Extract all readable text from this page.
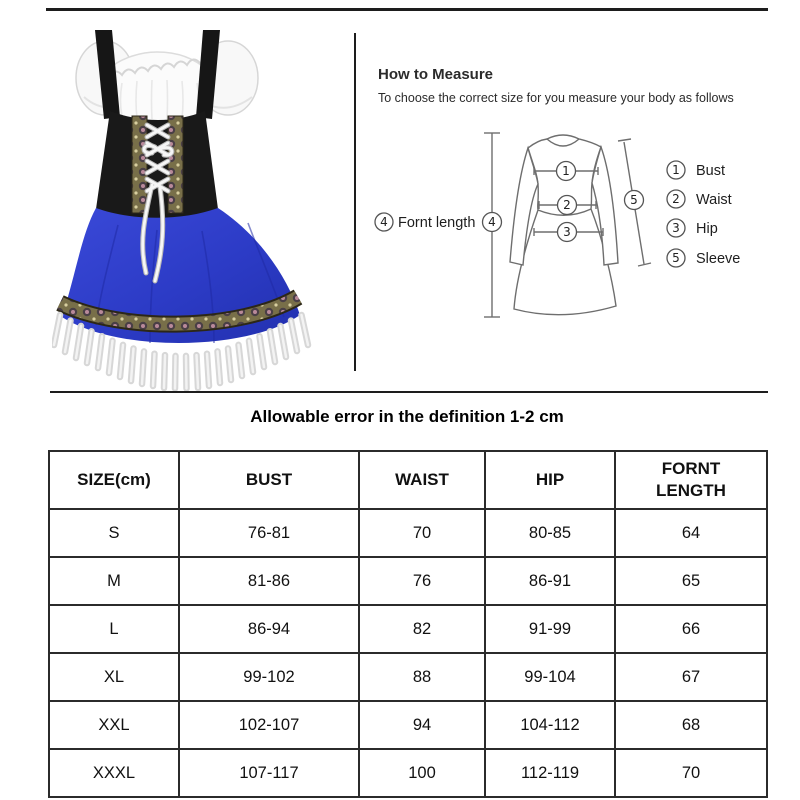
How to Measure
To choose the correct size for you measure your body as follows
1
2
3
5
4 Fornt length 4
1 Bust
2 Waist
3 Hip
5 Sleeve
Allowable error in the definition 1-2 cm
SIZE(cm)	BUST	WAIST	HIP	FORNT LENGTH
S	76-81	70	80-85	64
M	81-86	76	86-91	65
L	86-94	82	91-99	66
XL	99-102	88	99-104	67
XXL	102-107	94	104-112	68
XXXL	107-117	100	112-119	70
